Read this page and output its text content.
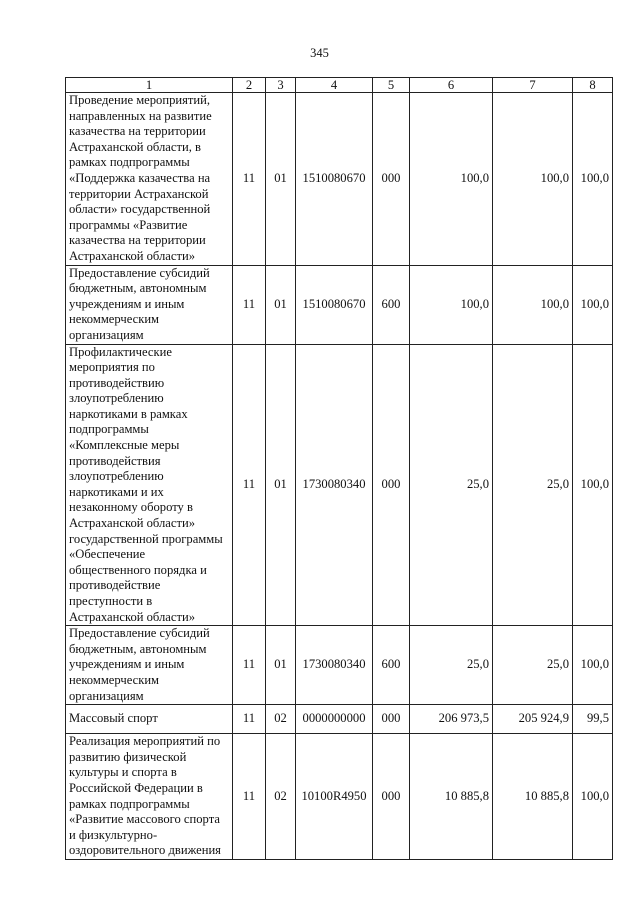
345
1	2	3	4	5	6	7	8
Проведение мероприятий, направленных на развитие казачества на территории Астраханской области, в рамках подпрограммы «Поддержка казачества на территории Астраханской области» государственной программы «Развитие казачества на территории Астраханской области»	11	01	1510080670	000	100,0	100,0	100,0
Предоставление субсидий бюджетным, автономным учреждениям и иным некоммерческим организациям	11	01	1510080670	600	100,0	100,0	100,0
Профилактические мероприятия по противодействию злоупотреблению наркотиками в рамках подпрограммы «Комплексные меры противодействия злоупотреблению наркотиками и их незаконному обороту в Астраханской области» государственной программы «Обеспечение общественного порядка и противодействие преступности в Астраханской области»	11	01	1730080340	000	25,0	25,0	100,0
Предоставление субсидий бюджетным, автономным учреждениям и иным некоммерческим организациям	11	01	1730080340	600	25,0	25,0	100,0
Массовый спорт	11	02	0000000000	000	206 973,5	205 924,9	99,5
Реализация мероприятий по развитию физической культуры и спорта в Российской Федерации в рамках подпрограммы «Развитие массового спорта и физкультурно-оздоровительного движения	11	02	10100R4950	000	10 885,8	10 885,8	100,0
